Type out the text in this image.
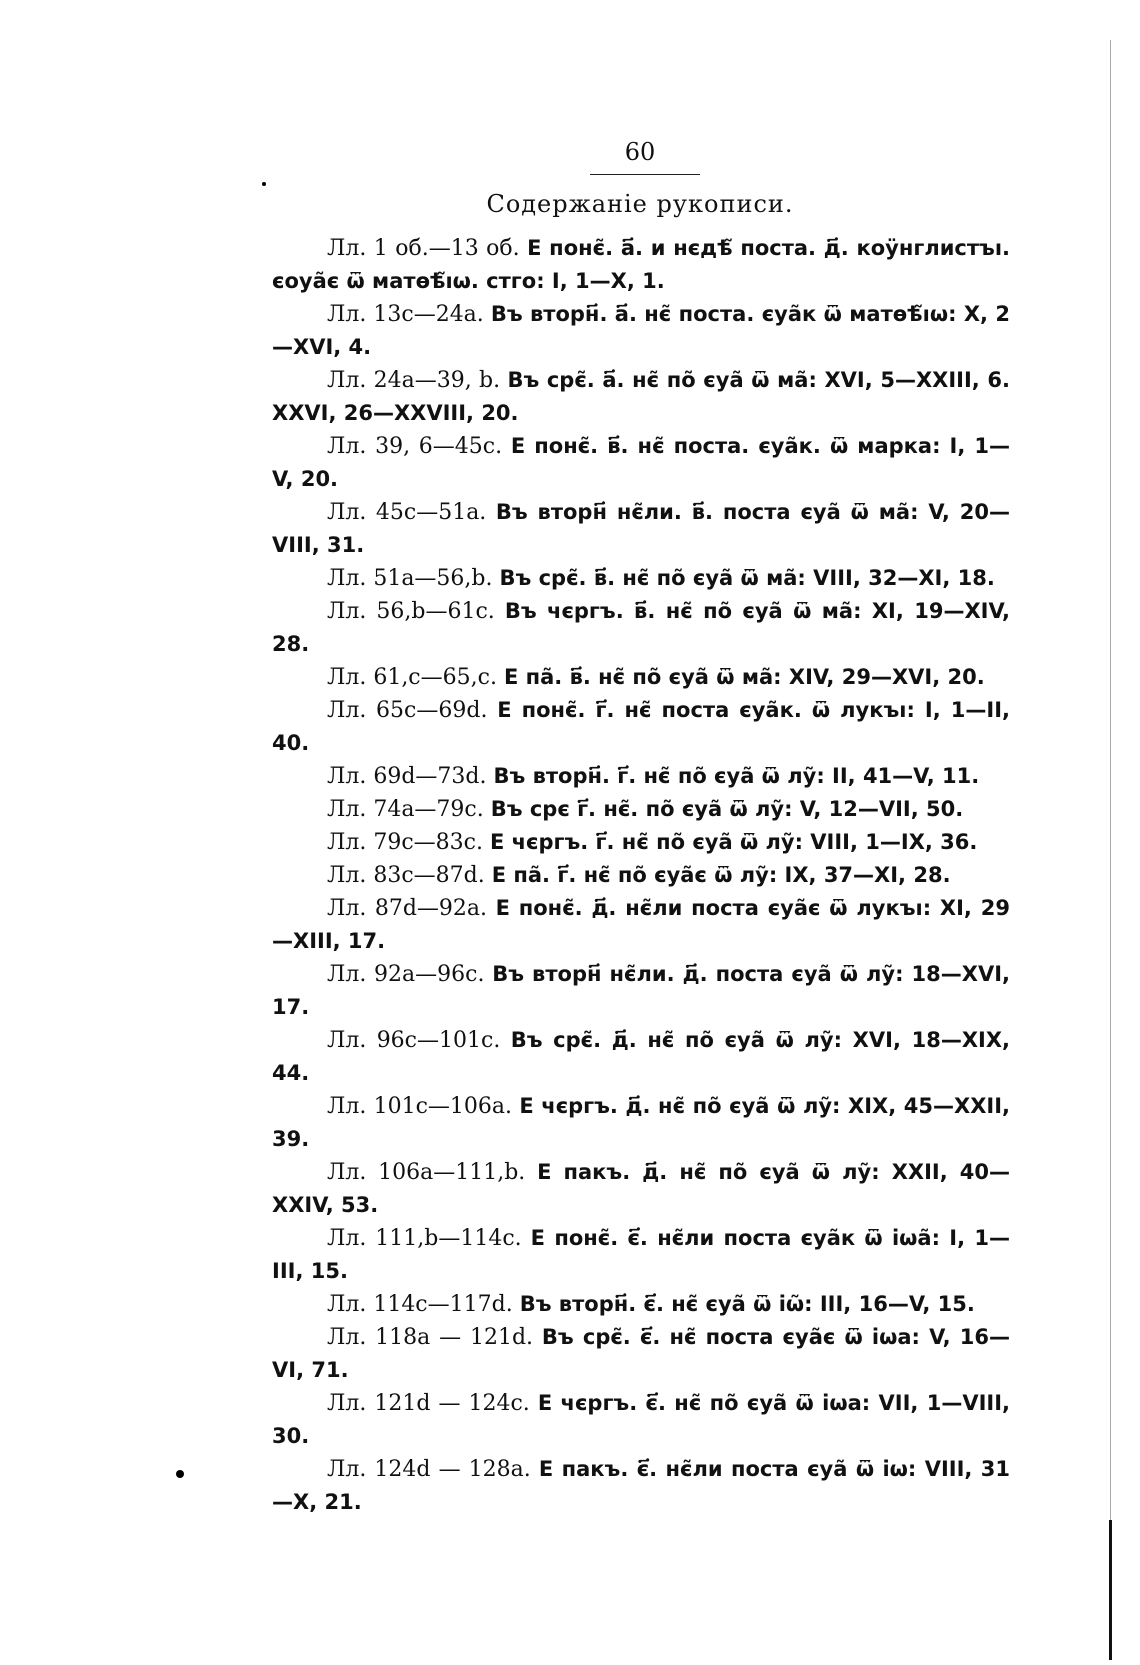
60
Содержаніе рукописи.

Лл. 1 об.—13 об. Е понє̃. а҃. и нєдѣ̃ поста. д҃. коӱнглистъı. єоуа̃є ѿ матѳѣ̃ıѡ. стго: I, 1—X, 1.

Лл. 13c—24a. Въ вторн҃. а҃. нє̃ поста. єуа̃к ѿ матѳѣ̃ıѡ: X, 2—XVI, 4.

Лл. 24a—39, b. Въ срє̃. а҃. нє̃ по̃ єуа̃ ѿ ма̃: XVI, 5—XXIII, 6. XXVI, 26—XXVIII, 20.

Лл. 39, 6—45c. Е понє̃. в҃. нє̃ поста. єуа̃к. ѿ марка: I, 1—V, 20.

Лл. 45c—51a. Въ вторн҃ нє̃ли. в҃. поста єуа̃ ѿ ма̃: V, 20—VIII, 31.

Лл. 51a—56,b. Въ срє̃. в҃. нє̃ по̃ єуа̃ ѿ ма̃: VIII, 32—XI, 18.

Лл. 56,b—61c. Въ чєргъ. в҃. нє̃ по̃ єуа̃ ѿ ма̃: XI, 19—XIV, 28.

Лл. 61,c—65,c. Е па̃. в҃. нє̃ по̃ єуа̃ ѿ ма̃: XIV, 29—XVI, 20.

Лл. 65c—69d. Е понє̃. г҃. нє̃ поста єуа̃к. ѿ лукъı: I, 1—II, 40.

Лл. 69d—73d. Въ вторн҃. г҃. нє̃ по̃ єуа̃ ѿ лу̃: II, 41—V, 11.

Лл. 74a—79c. Въ срє г҃. нє̃. по̃ єуа̃ ѿ лу̃: V, 12—VII, 50.

Лл. 79c—83c. Е чєргъ. г҃. нє̃ по̃ єуа̃ ѿ лу̃: VIII, 1—IX, 36.

Лл. 83c—87d. Е па̃. г҃. нє̃ по̃ єуа̃є ѿ лу̃: IX, 37—XI, 28.

Лл. 87d—92a. Е понє̃. д҃. нє̃ли поста єуа̃є ѿ лукъı: XI, 29—XIII, 17.

Лл. 92a—96c. Въ вторн҃ нє̃ли. д҃. поста єуа̃ ѿ лу̃: 18—XVI, 17.

Лл. 96c—101c. Въ срє̃. д҃. нє̃ по̃ єуа̃ ѿ лу̃: XVI, 18—XIX, 44.

Лл. 101c—106a. Е чєргъ. д҃. нє̃ по̃ єуа̃ ѿ лу̃: XIX, 45—XXII, 39.

Лл. 106a—111,b. Е пакъ. д҃. нє̃ по̃ єуа̃ ѿ лу̃: XXII, 40—XXIV, 53.

Лл. 111,b—114c. Е понє̃. є҃. нє̃ли поста єуа̃к ѿ іѡа̃: I, 1—III, 15.

Лл. 114c—117d. Въ вторн҃. є҃. нє̃ єуа̃ ѿ іѡ̃: III, 16—V, 15.

Лл. 118a — 121d. Въ срє̃. є҃. нє̃ поста єуа̃є ѿ іѡа: V, 16—VI, 71.

Лл. 121d — 124c. Е чєргъ. є҃. нє̃ по̃ єуа̃ ѿ іѡа: VII, 1—VIII, 30.

Лл. 124d — 128a. Е пакъ. є҃. нє̃ли поста єуа̃ ѿ іѡ: VIII, 31—X, 21.
